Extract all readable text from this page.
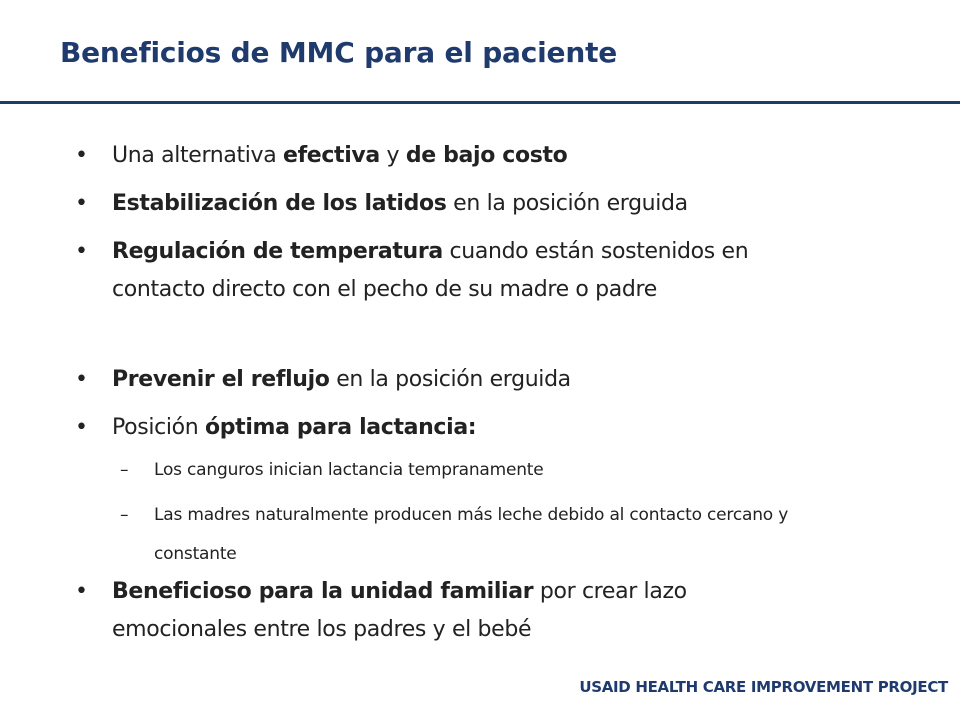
Beneficios de MMC para el paciente
• Una alternativa efectiva y de bajo costo
• Estabilización de los latidos en la posición erguida
• Regulación de temperatura cuando están sostenidos en contacto directo con el pecho de su madre o padre
• Prevenir el reflujo en la posición erguida
• Posición óptima para lactancia:
–	Los canguros inician lactancia tempranamente
–	Las madres naturalmente producen más leche debido al contacto cercano y constante
• Beneficioso para la unidad familiar por crear lazo emocionales entre los padres y el bebé
USAID HEALTH CARE IMPROVEMENT PROJECT
